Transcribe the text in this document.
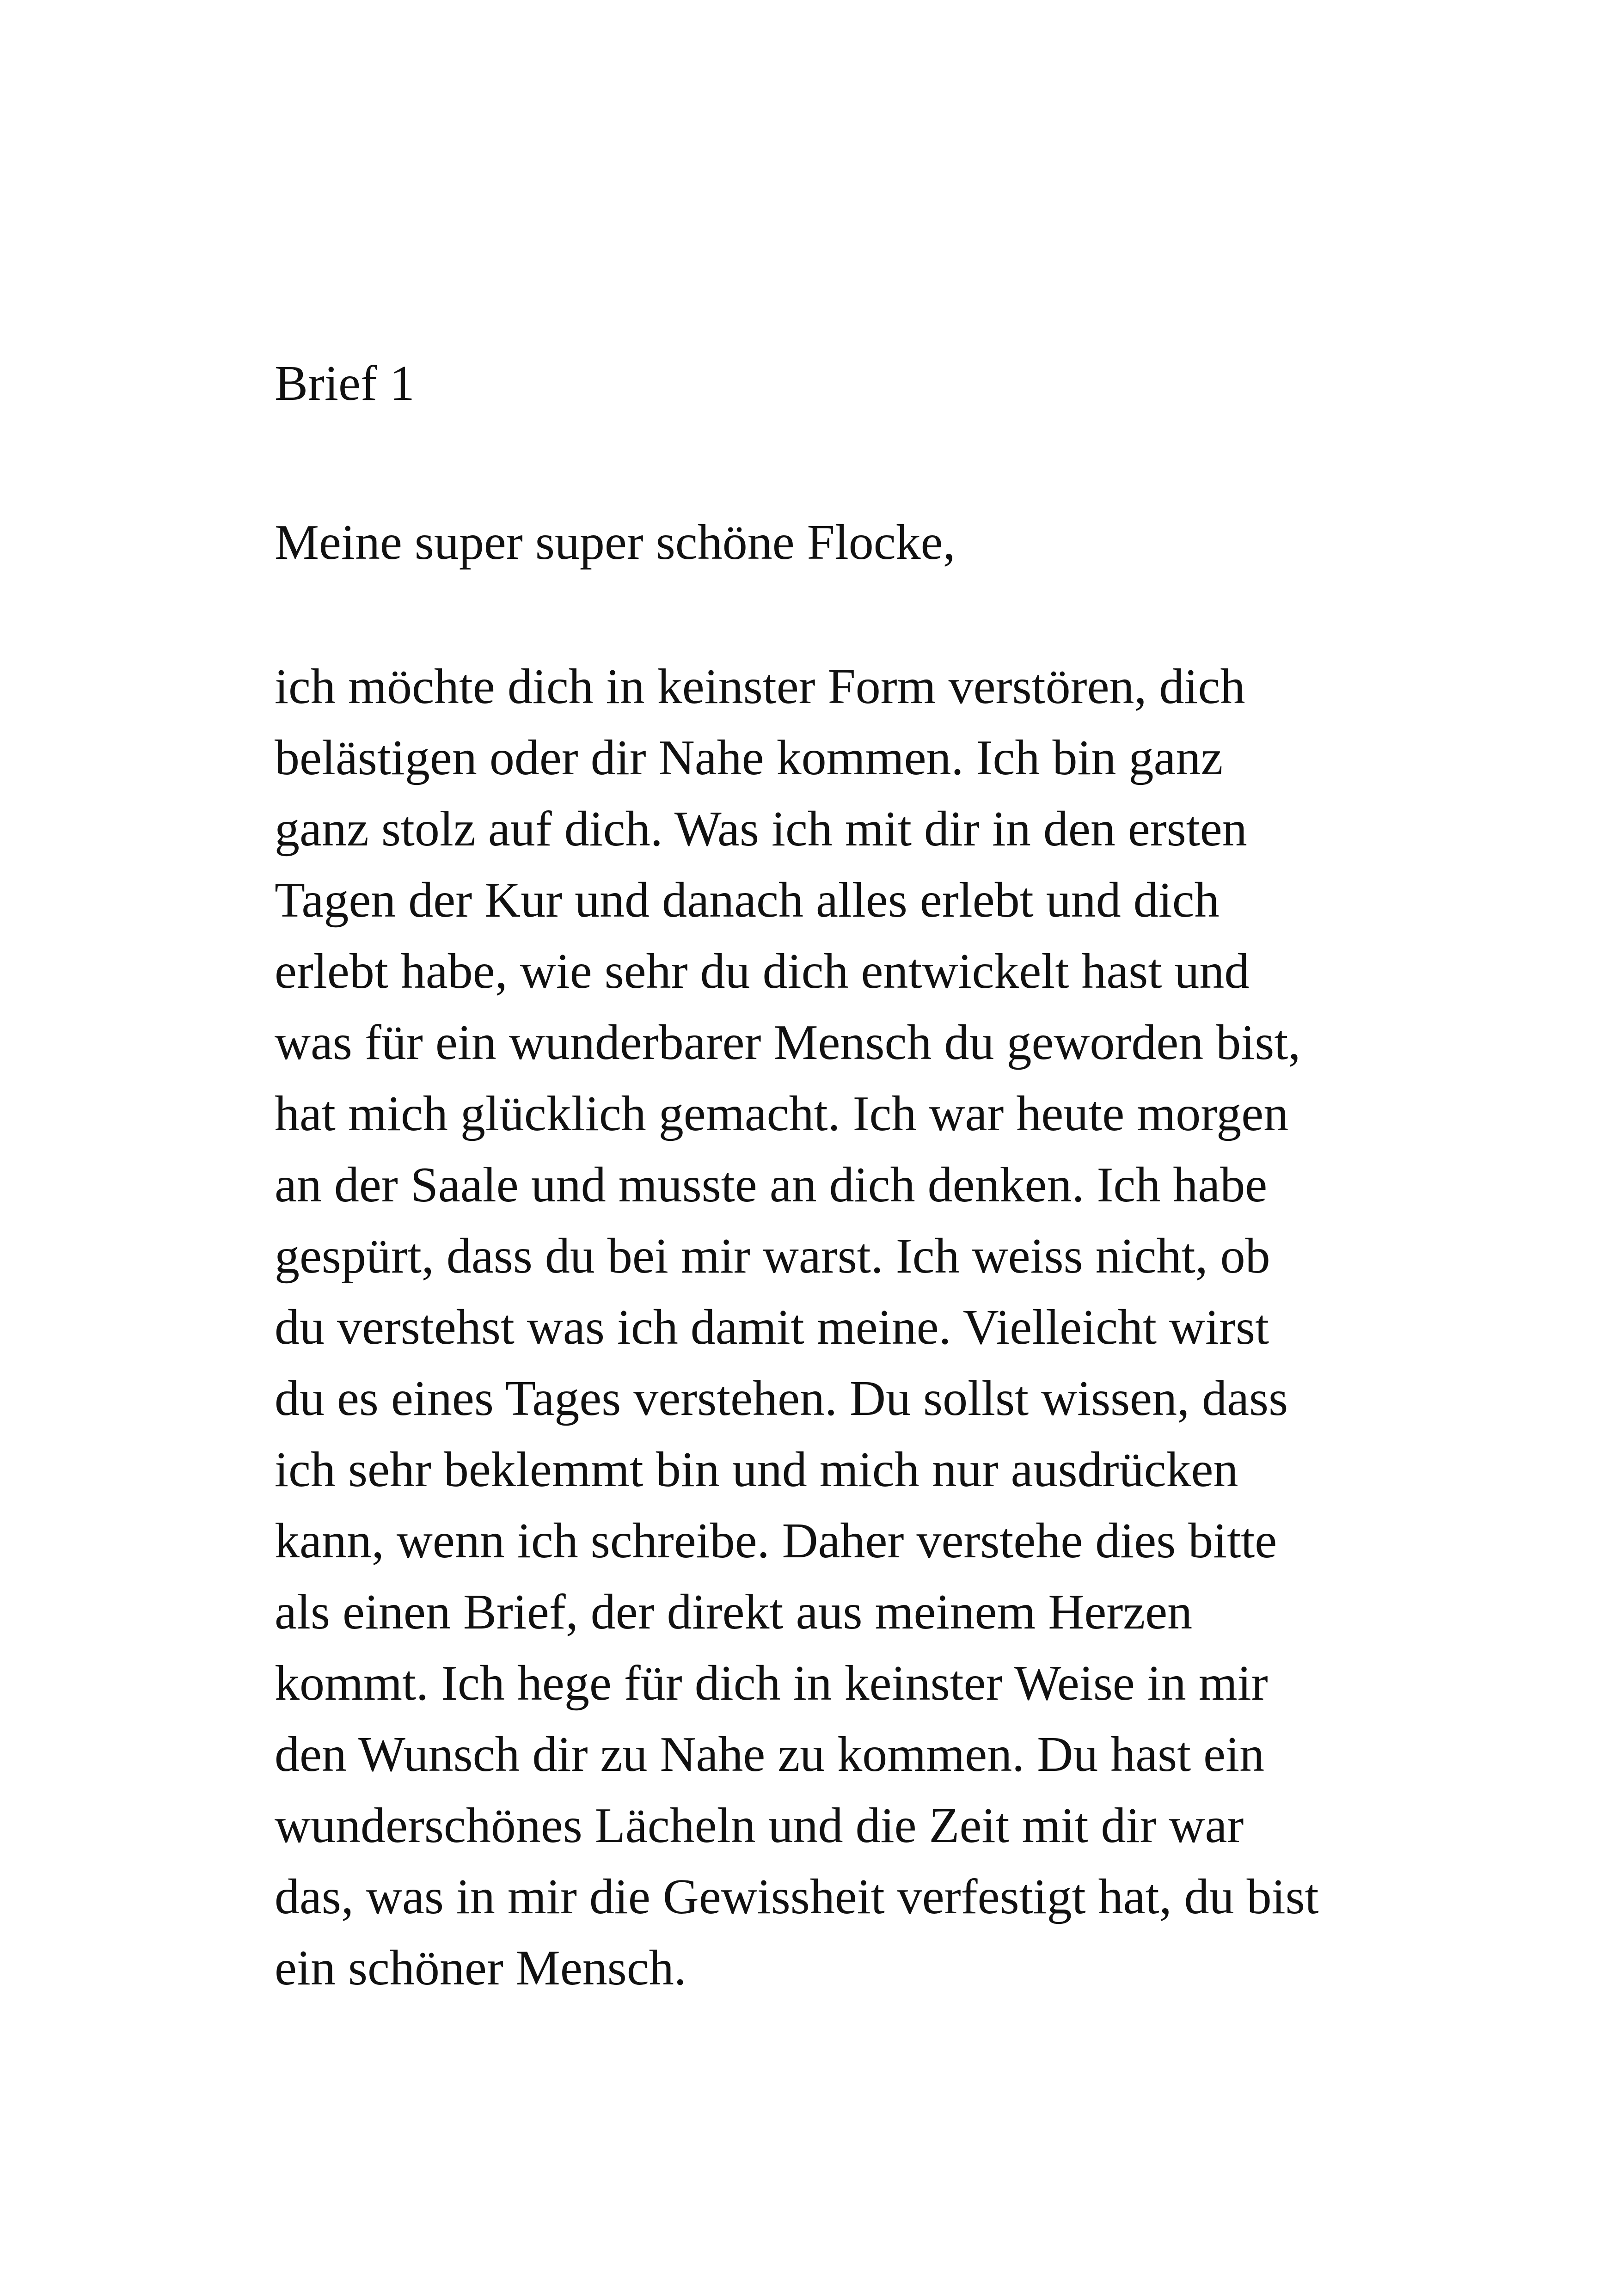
Brief 1

Meine super super schöne Flocke,

ich möchte dich in keinster Form verstören, dich

belästigen oder dir Nahe kommen. Ich bin ganz

ganz stolz auf dich. Was ich mit dir in den ersten

Tagen der Kur und danach alles erlebt und dich

erlebt habe, wie sehr du dich entwickelt hast und

was für ein wunderbarer Mensch du geworden bist,

hat mich glücklich gemacht. Ich war heute morgen

an der Saale und musste an dich denken. Ich habe

gespürt, dass du bei mir warst. Ich weiss nicht, ob

du verstehst was ich damit meine. Vielleicht wirst

du es eines Tages verstehen. Du sollst wissen, dass

ich sehr beklemmt bin und mich nur ausdrücken

kann, wenn ich schreibe. Daher verstehe dies bitte

als einen Brief, der direkt aus meinem Herzen

kommt. Ich hege für dich in keinster Weise in mir

den Wunsch dir zu Nahe zu kommen. Du hast ein

wunderschönes Lächeln und die Zeit mit dir war

das, was in mir die Gewissheit verfestigt hat, du bist

ein schöner Mensch.
